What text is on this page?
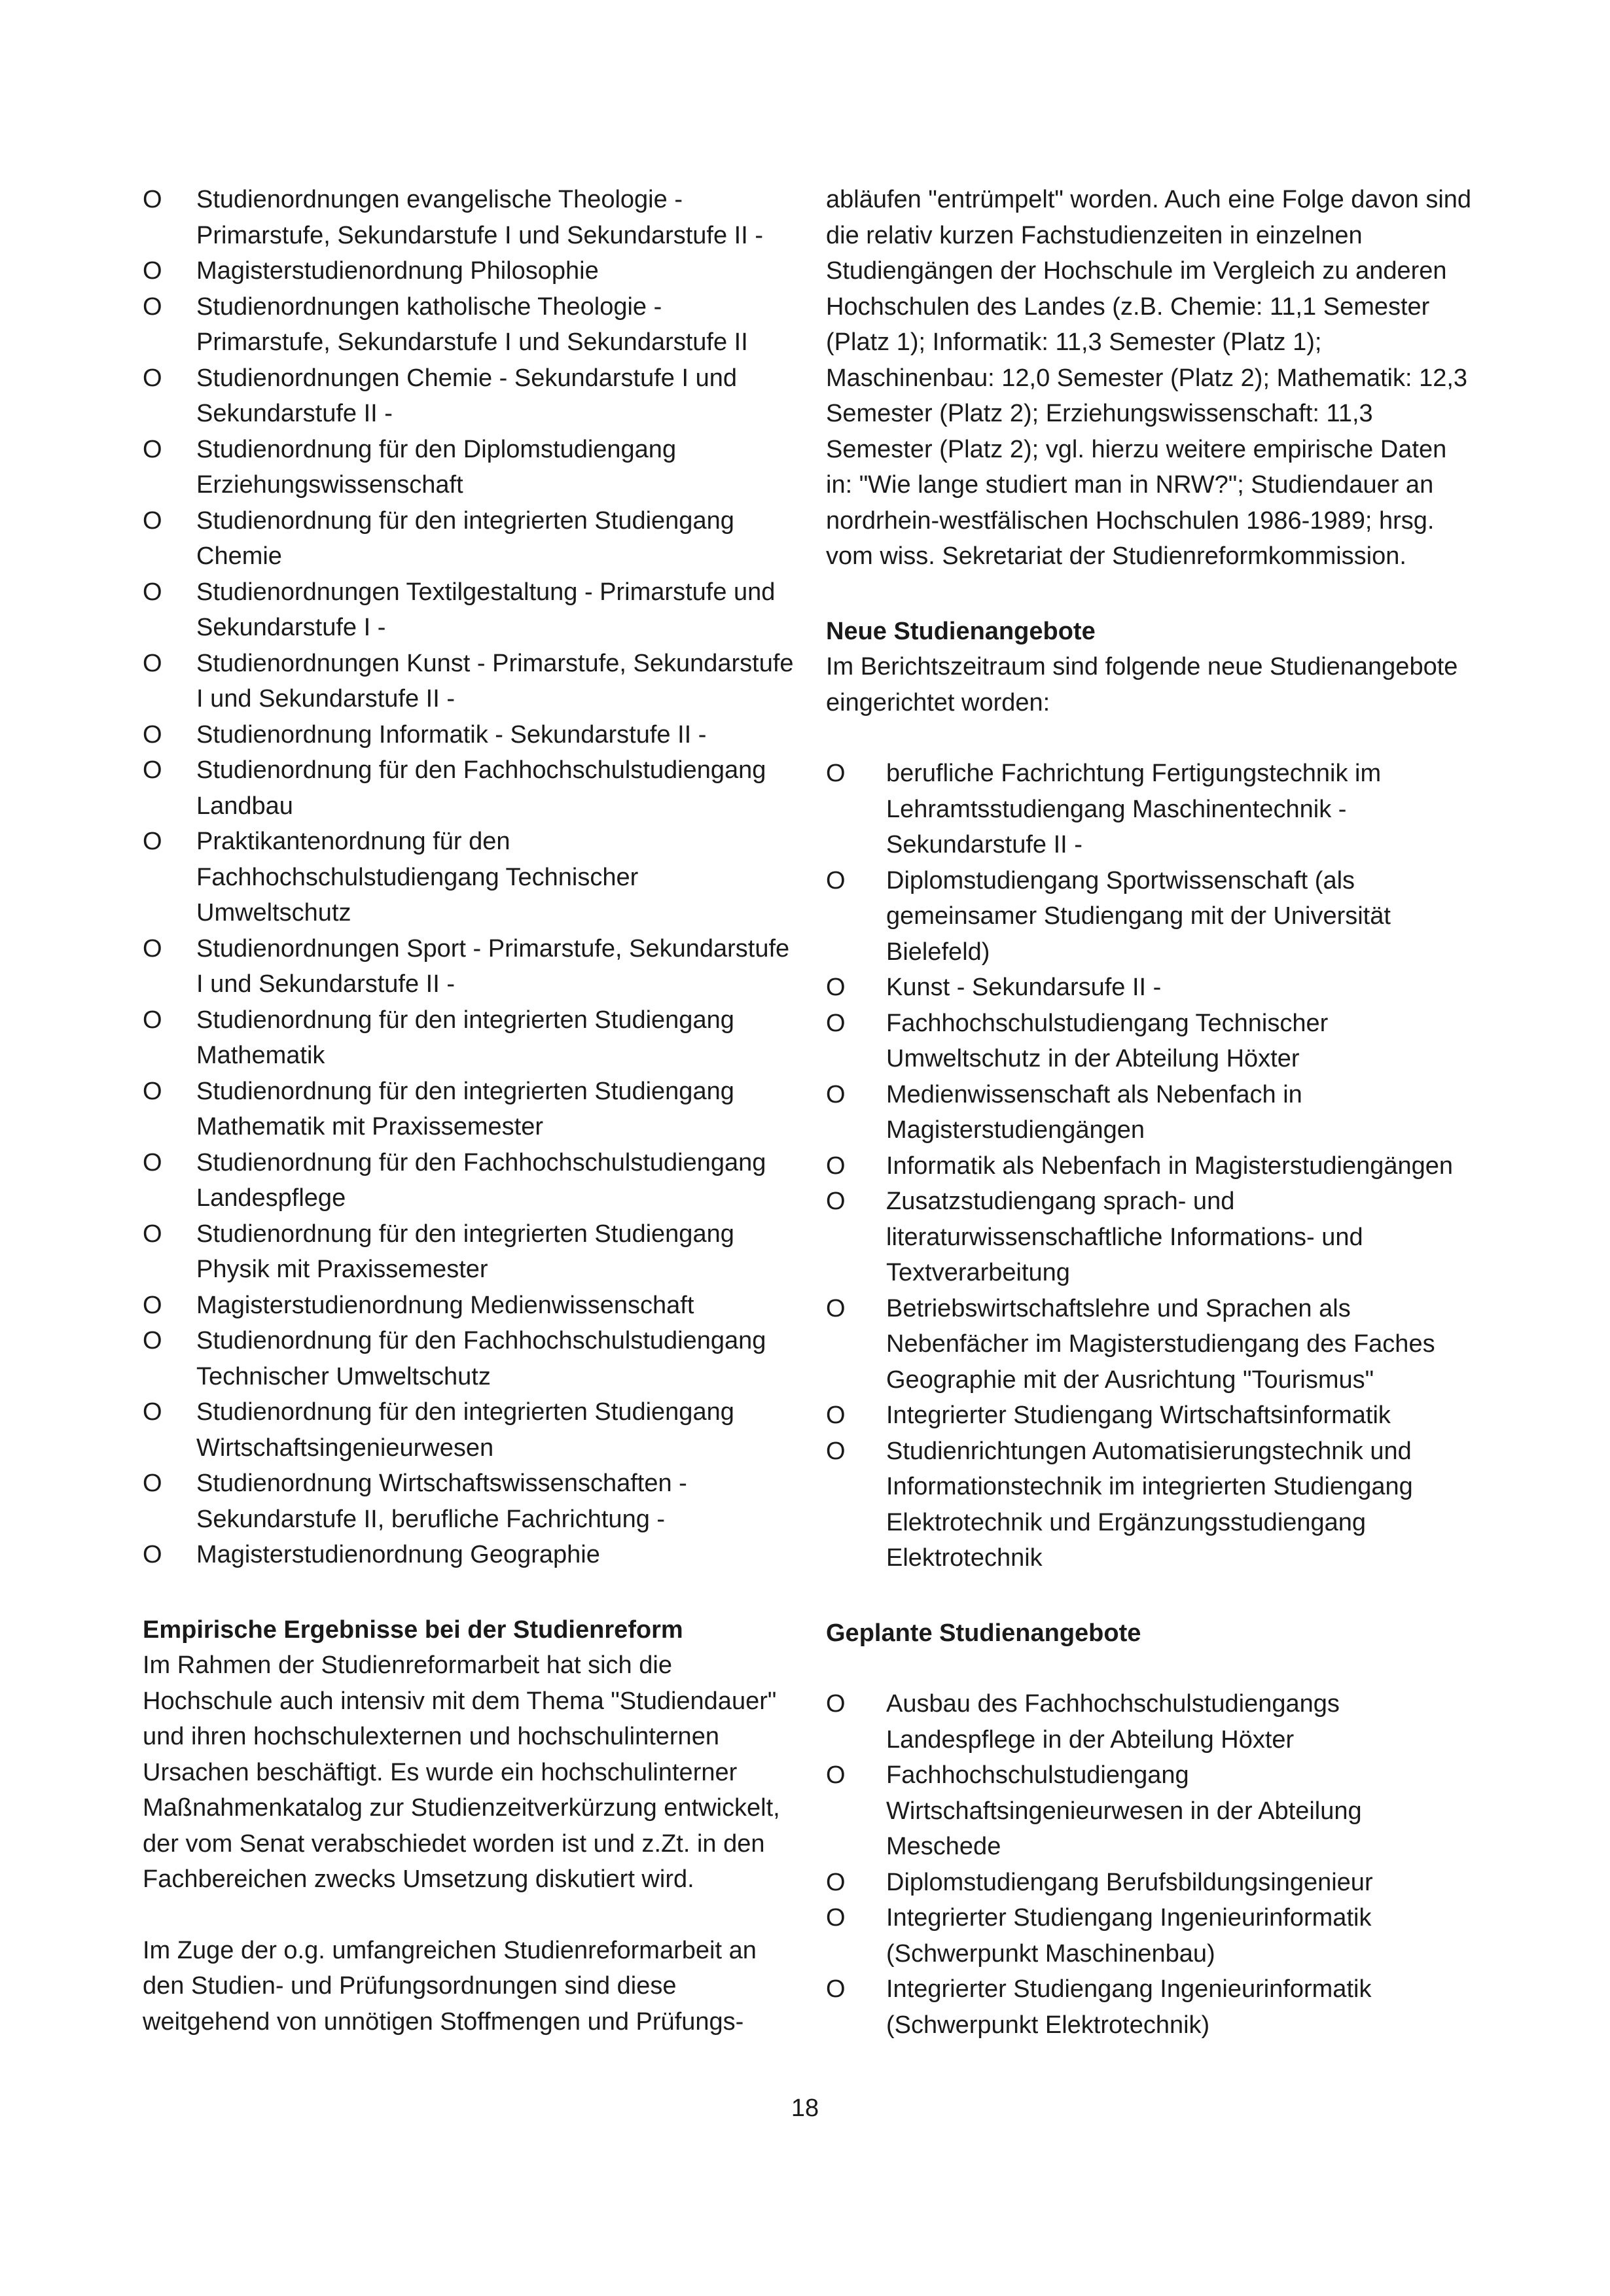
O	Studienordnungen evangelische Theologie - Primarstufe, Sekundarstufe I und Sekundarstufe II -
O	Magisterstudienordnung Philosophie
O	Studienordnungen katholische Theologie - Primarstufe, Sekundarstufe I und Sekundarstufe II
O	Studienordnungen Chemie - Sekundarstufe I und Sekundarstufe II -
O	Studienordnung für den Diplomstudiengang Erziehungswissenschaft
O	Studienordnung für den integrierten Studiengang Chemie
O	Studienordnungen Textilgestaltung - Primarstufe und Sekundarstufe I -
O	Studienordnungen Kunst - Primarstufe, Sekundarstufe I und Sekundarstufe II -
O	Studienordnung Informatik - Sekundarstufe II -
O	Studienordnung für den Fachhochschulstudiengang Landbau
O	Praktikantenordnung für den Fachhochschulstudiengang Technischer Umweltschutz
O	Studienordnungen Sport - Primarstufe, Sekundarstufe I und Sekundarstufe II -
O	Studienordnung für den integrierten Studiengang Mathematik
O	Studienordnung für den integrierten Studiengang Mathematik mit Praxissemester
O	Studienordnung für den Fachhochschulstudiengang Landespflege
O	Studienordnung für den integrierten Studiengang Physik mit Praxissemester
O	Magisterstudienordnung Medienwissenschaft
O	Studienordnung für den Fachhochschulstudiengang Technischer Umweltschutz
O	Studienordnung für den integrierten Studiengang Wirtschaftsingenieurwesen
O	Studienordnung Wirtschaftswissenschaften - Sekundarstufe II, berufliche Fachrichtung -
O	Magisterstudienordnung Geographie
Empirische Ergebnisse bei der Studienreform

Im Rahmen der Studienreformarbeit hat sich die Hochschule auch intensiv mit dem Thema "Studiendauer" und ihren hochschulexternen und hochschulinternen Ursachen beschäftigt. Es wurde ein hochschulinterner Maßnahmenkatalog zur Studienzeitverkürzung entwickelt, der vom Senat verabschiedet worden ist und z.Zt. in den Fachbereichen zwecks Umsetzung diskutiert wird.

Im Zuge der o.g. umfangreichen Studienreformarbeit an den Studien- und Prüfungsordnungen sind diese weitgehend von unnötigen Stoffmengen und Prüfungs-

abläufen "entrümpelt" worden. Auch eine Folge davon sind die relativ kurzen Fachstudienzeiten in einzelnen Studiengängen der Hochschule im Vergleich zu anderen Hochschulen des Landes (z.B. Chemie: 11,1 Semester (Platz 1); Informatik: 11,3 Semester (Platz 1); Maschinenbau: 12,0 Semester (Platz 2); Mathematik: 12,3 Semester (Platz 2); Erziehungswissenschaft: 11,3 Semester (Platz 2); vgl. hierzu weitere empirische Daten in: "Wie lange studiert man in NRW?"; Studiendauer an nordrhein-westfälischen Hochschulen 1986-1989; hrsg. vom wiss. Sekretariat der Studienreformkommission.

Neue Studienangebote

Im Berichtszeitraum sind folgende neue Studienangebote eingerichtet worden:

O	berufliche Fachrichtung Fertigungstechnik im Lehramtsstudiengang Maschinentechnik - Sekundarstufe II -
O	Diplomstudiengang Sportwissenschaft (als gemeinsamer Studiengang mit der Universität Bielefeld)
O	Kunst - Sekundarsufe II -
O	Fachhochschulstudiengang Technischer Umweltschutz in der Abteilung Höxter
O	Medienwissenschaft als Nebenfach in Magisterstudiengängen
O	Informatik als Nebenfach in Magisterstudiengängen
O	Zusatzstudiengang sprach- und literaturwissenschaftliche Informations- und Textverarbeitung
O	Betriebswirtschaftslehre und Sprachen als Nebenfächer im Magisterstudiengang des Faches Geographie mit der Ausrichtung "Tourismus"
O	Integrierter Studiengang Wirtschaftsinformatik
O	Studienrichtungen Automatisierungstechnik und Informationstechnik im integrierten Studiengang Elektrotechnik und Ergänzungsstudiengang Elektrotechnik
Geplante Studienangebote
O	Ausbau des Fachhochschulstudiengangs Landespflege in der Abteilung Höxter
O	Fachhochschulstudiengang Wirtschaftsingenieurwesen in der Abteilung Meschede
O	Diplomstudiengang Berufsbildungsingenieur
O	Integrierter Studiengang Ingenieurinformatik (Schwerpunkt Maschinenbau)
O	Integrierter Studiengang Ingenieurinformatik (Schwerpunkt Elektrotechnik)
18
